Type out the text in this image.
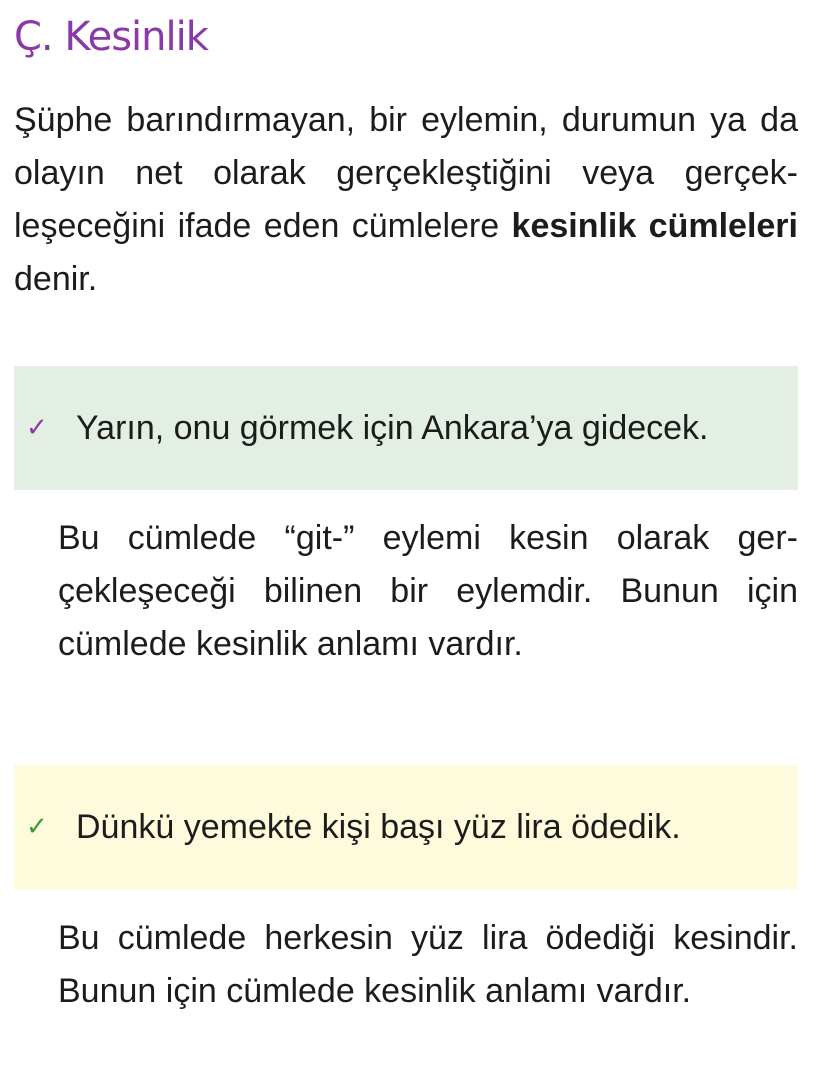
Ç. Kesinlik

Şüphe barındırmayan, bir eylemin, durumun ya da olayın net olarak gerçekleştiğini veya gerçekleşeceğini ifade eden cümlelere kesinlik cümleleri denir.

✓ Yarın, onu görmek için Ankara’ya gidecek.

Bu cümlede “git-” eylemi kesin olarak gerçekleşeceği bilinen bir eylemdir. Bunun için cümlede kesinlik anlamı vardır.

✓ Dünkü yemekte kişi başı yüz lira ödedik.

Bu cümlede herkesin yüz lira ödediği kesindir. Bunun için cümlede kesinlik anlamı vardır.
